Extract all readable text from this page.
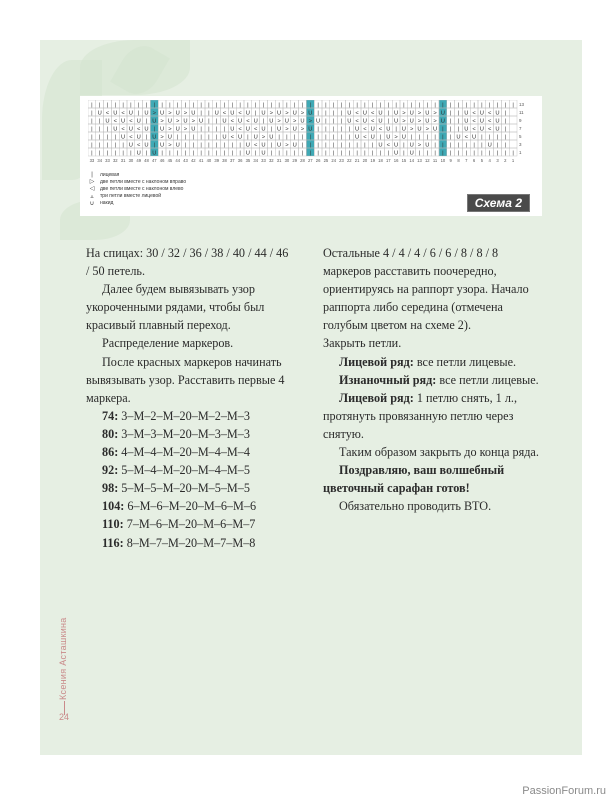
| | | | | | | | | | | | | | | | | | | | | | | | | | | | | | | | | | | | | | | | | | | | | | | | | | | | | | | 13
| U < U < U | U > U > U > U | | U < U < U | U > U > U > U | | | | U < U < U | U > U > U > U | | U < U < U |	11
| | U < U < U | U > U > U > U | | U < U < U | U > U > U > U | | | U < U < U | U > U > U > U | | U < U < U |	9
| | | U < U < U | U > U > U | | | | U < U < U | U > U > U | | | | | U < U < U | U > U > U | | | U < U < U |	7
| | | | U < U | U > U | | | | | | U < U | U > U | | | | | | | | | | U < U | U > U | | | | | | U < U | | | |	5
| | | | | U < U | U > U | | | | | | | | U < U | U > U | | | | | | | | | | U < U | U > U | | | | | | | U | |	3
| | | | | | U | U | | | | | | | | | | | U | U | | | | | | | | | | | | | | | | U | U | | | | | | | | | | | | | 1
33 34 33 32 31 30 49 48 47 46 45 44 43 42 41 40 39 38 37 36 35 34 33 32 31 30 29 28 27 26 25 24 23 22 21 20 19 18 17 16 15 14 13 12 11 10 9 8 7 6 5 4 3 2 1
|	лицевая
▷	две петли вместе с наклоном вправо
◁	две петли вместе с наклоном влево
▵	три петли вместе лицевой
∪	накид	Схема 2

На спицах: 30 / 32 / 36 / 38 / 40 / 44 / 46 / 50 петель.

Далее будем вывязывать узор укороченными рядами, чтобы был красивый плавный переход.

Распределение маркеров.

После красных маркеров начинать вывязывать узор. Расставить первые 4 маркера.

74: 3–М–2–М–20–М–2–М–3

80: 3–М–3–М–20–М–3–М–3

86: 4–М–4–М–20–М–4–М–4

92: 5–М–4–М–20–М–4–М–5

98: 5–М–5–М–20–М–5–М–5

104: 6–М–6–М–20–М–6–М–6

110: 7–М–6–М–20–М–6–М–7

116: 8–М–7–М–20–М–7–М–8

Остальные 4 / 4 / 4 / 6 / 6 / 8 / 8 / 8 маркеров расставить поочередно, ориентируясь на раппорт узора. Начало раппорта либо середина (отмечена голубым цветом на схеме 2).

Закрыть петли.

Лицевой ряд: все петли лицевые.

Изнаночный ряд: все петли лицевые.

Лицевой ряд: 1 петлю снять, 1 л., протянуть провязанную петлю через снятую.

Таким образом закрыть до конца ряда.

Поздравляю, ваш волшебный цветочный сарафан готов!

Обязательно проводить ВТО.

Ксения Асташкина
24
PassionForum.ru
